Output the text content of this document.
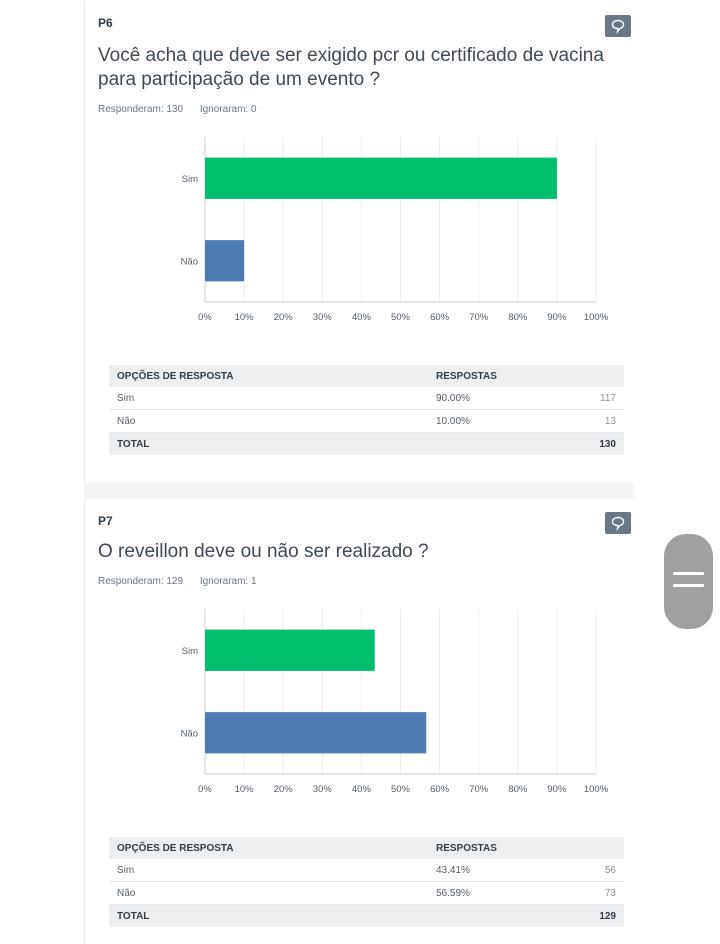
P6
Você acha que deve ser exigido pcr ou certificado de vacina para participação de um evento ?
Responderam: 130 Ignoraram: 0
0% 10% 20% 30% 40% 50% 60% 70% 80% 90% 100%
Sim
Não
OPÇÕES DE RESPOSTA	RESPOSTAS	
Sim	90.00%	117
Não	10.00%	13
TOTAL		130
P7
O reveillon deve ou não ser realizado ?
Responderam: 129 Ignoraram: 1
0% 10% 20% 30% 40% 50% 60% 70% 80% 90% 100%
Sim
Não
OPÇÕES DE RESPOSTA	RESPOSTAS	
Sim	43.41%	56
Não	56.59%	73
TOTAL		129
